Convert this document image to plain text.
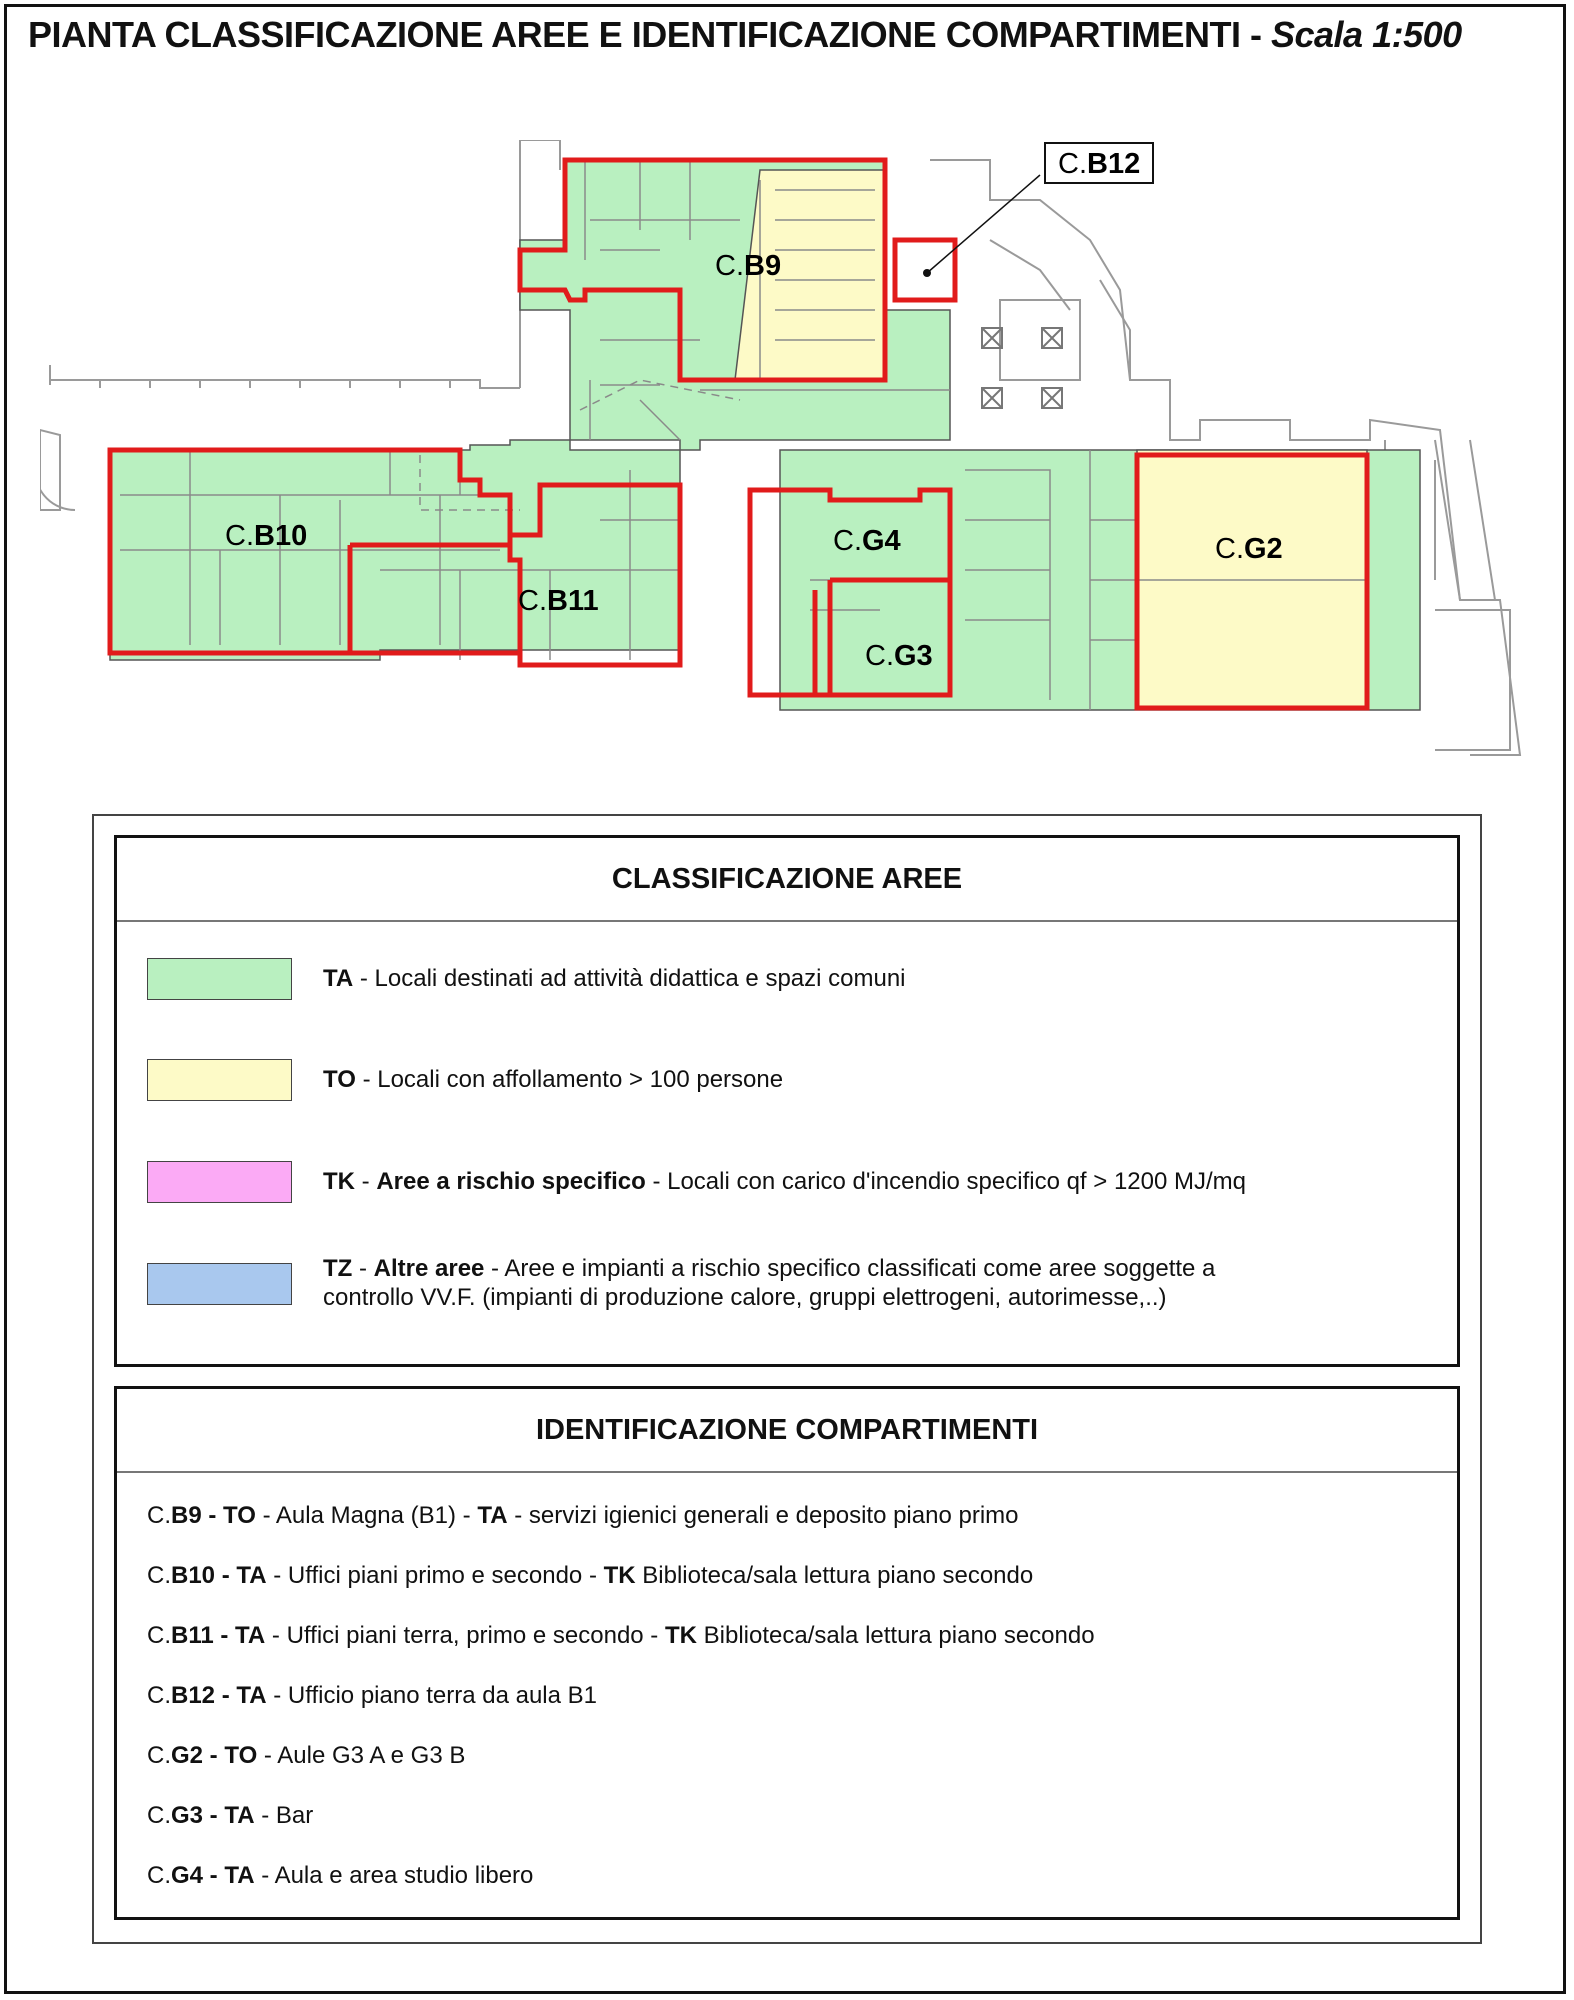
PIANTA CLASSIFICAZIONE AREE E IDENTIFICAZIONE COMPARTIMENTI - Scala 1:500
C.B9
C.B10
C.B11
C.B12
C.G2
C.G3
C.G4
CLASSIFICAZIONE AREE
TA - Locali destinati ad attività didattica e spazi comuni
TO - Locali con affollamento > 100 persone
TK - Aree a rischio specifico - Locali con carico d'incendio specifico qf > 1200 MJ/mq
TZ - Altre aree - Aree e impianti a rischio specifico classificati come aree soggette a
controllo VV.F. (impianti di produzione calore, gruppi elettrogeni, autorimesse,..)
IDENTIFICAZIONE COMPARTIMENTI
C.B9 - TO - Aula Magna (B1) - TA - servizi igienici generali e deposito piano primo
C.B10 - TA - Uffici piani primo e secondo - TK Biblioteca/sala lettura piano secondo
C.B11 - TA - Uffici piani terra, primo e secondo - TK Biblioteca/sala lettura piano secondo
C.B12 - TA - Ufficio piano terra da aula B1
C.G2 - TO - Aule G3 A e G3 B
C.G3 - TA - Bar
C.G4 - TA - Aula e area studio libero
